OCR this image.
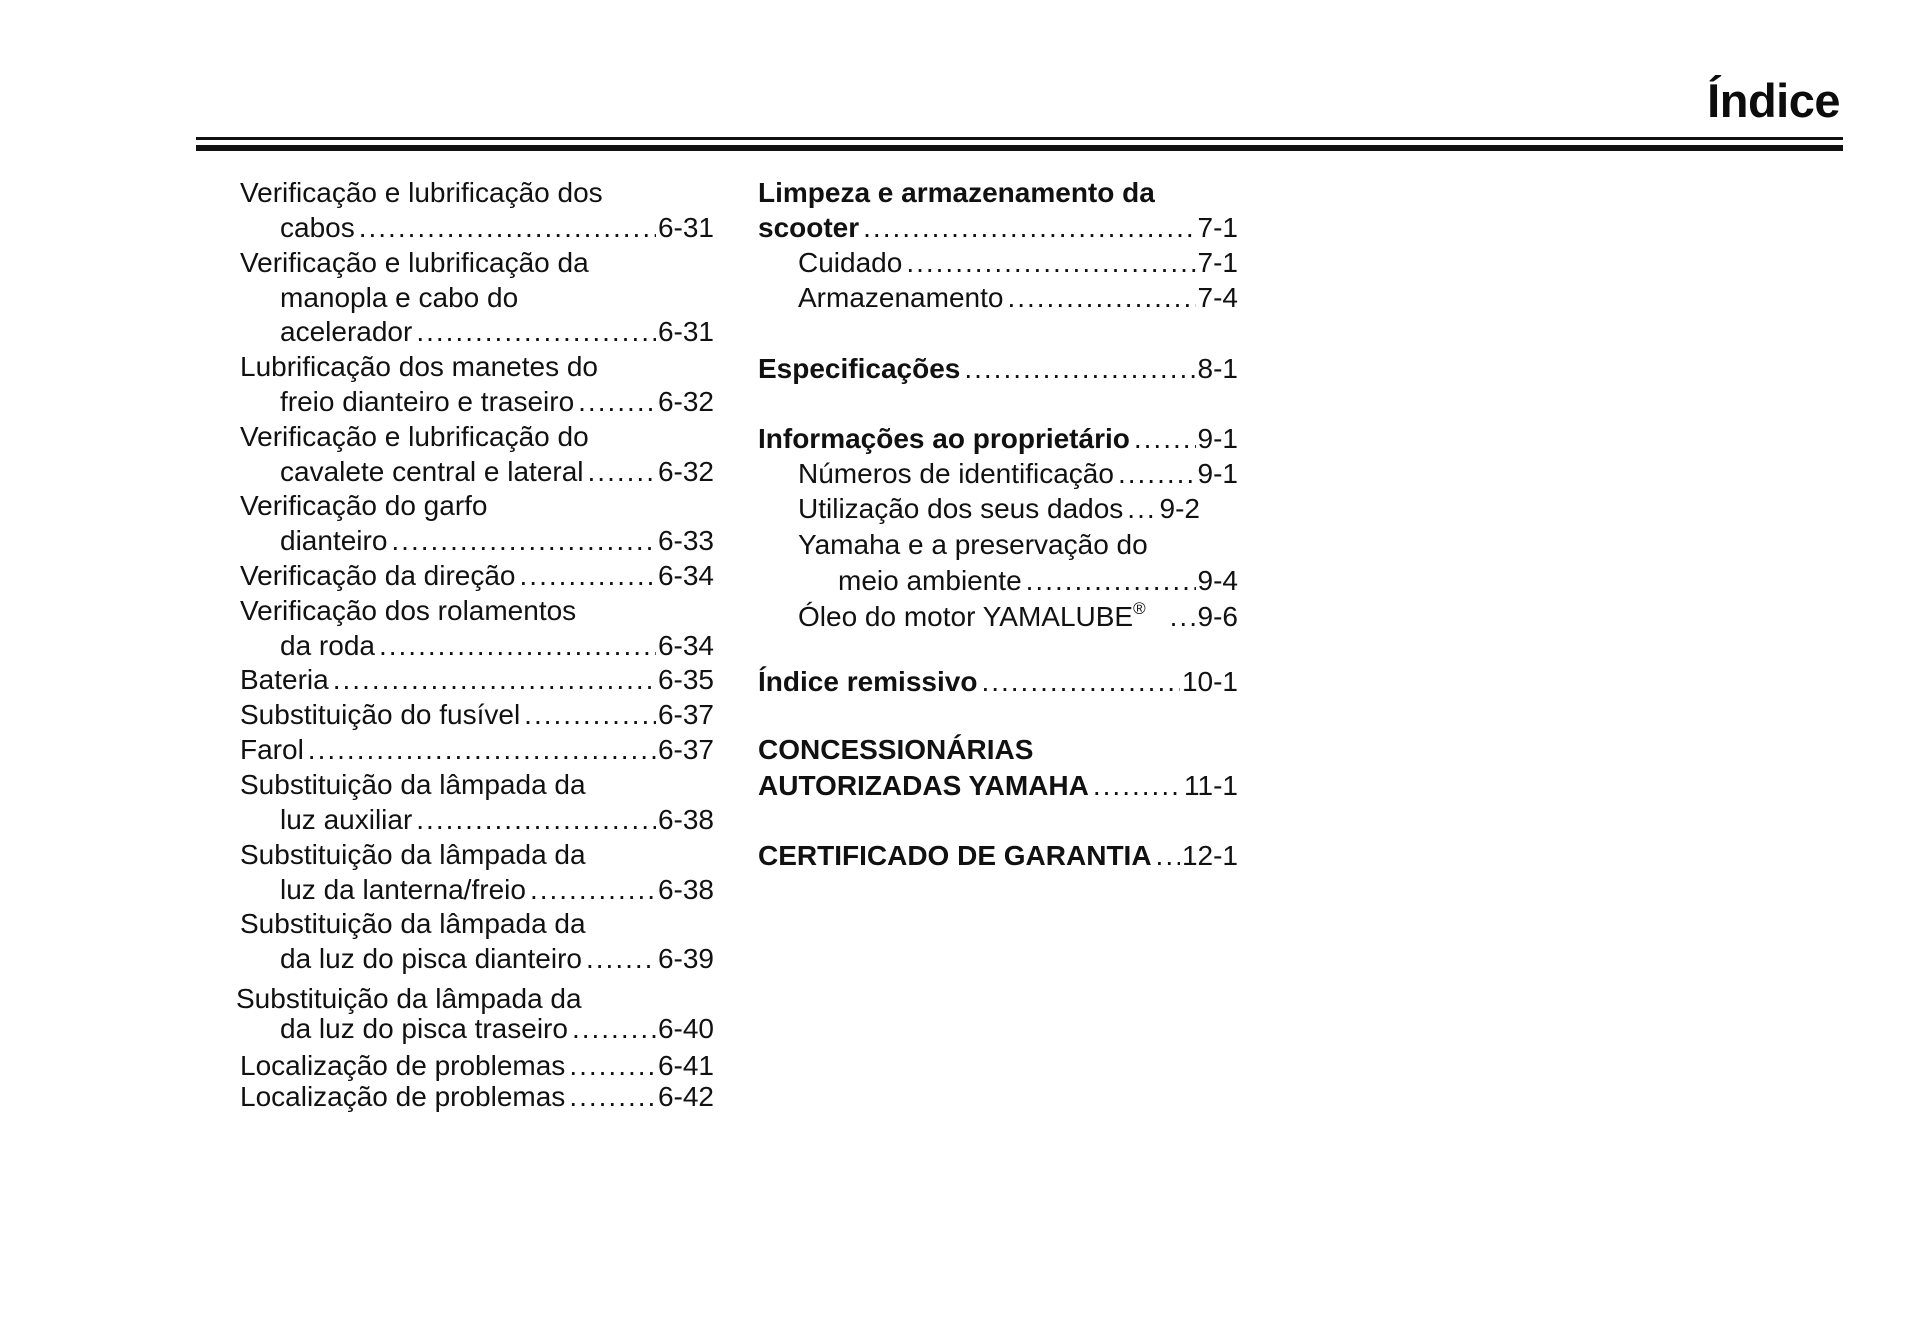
Índice
Verificação e lubrificação dos
cabos .....	6-31
Verificação e lubrificação da
manopla e cabo do
acelerador .....	6-31
Lubrificação dos manetes do
freio dianteiro e traseiro .....	6-32
Verificação e lubrificação do
cavalete central e lateral .....	6-32
Verificação do garfo
dianteiro .....	6-33
Verificação da direção .....	6-34
Verificação dos rolamentos
da roda .....	6-34
Bateria .....	6-35
Substituição do fusível .....	6-37
Farol .....	6-37
Substituição da lâmpada da
luz auxiliar .....	6-38
Substituição da lâmpada da
luz da lanterna/freio .....	6-38
Substituição da lâmpada da
da luz do pisca dianteiro .....	6-39
Substituição da lâmpada da
da luz do pisca traseiro .....	6-40
Localização de problemas .....	6-41
Localização de problemas .....	6-42
Limpeza e armazenamento da
scooter .....	7-1
Cuidado .....	7-1
Armazenamento .....	7-4
Especificações .....	8-1
Informações ao proprietário ..... 9-1
Números de identificação .....	9-1
Utilização dos seus dados ..... 9-2
Yamaha e a preservação do
meio ambiente .....	9-4
Óleo do motor YAMALUBE® ..... 9-6
Índice remissivo .....	10-1
CONCESSIONÁRIAS
AUTORIZADAS YAMAHA .....	11-1
CERTIFICADO DE GARANTIA ..... 12-1
